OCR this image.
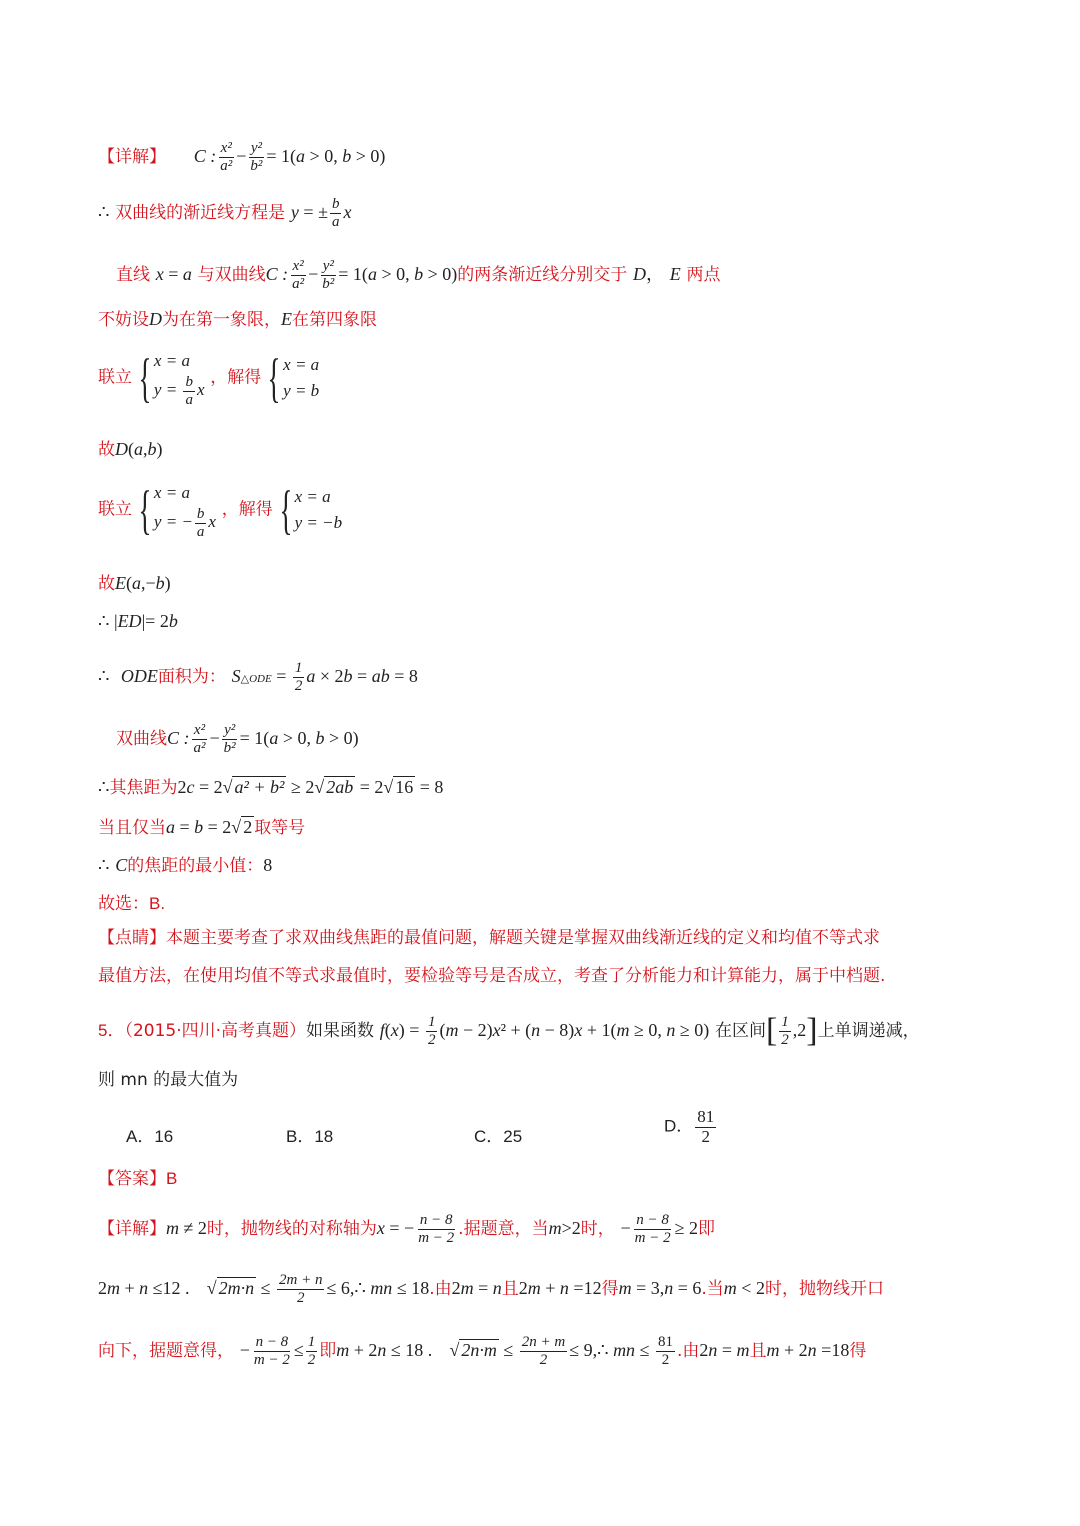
【详解】 C : $\frac{\text{x²}}{\text{a²}} - \frac{\text{y²}}{\text{b²}} = 1(a > 0$, b > 0)
∴ 双曲线的渐近线方程是 y = ± $\frac{b}{a}$ x
直线 x = a 与双曲线C : $\frac{\text{x²}}{\text{a²}} - \frac{\text{y²}}{\text{b²}} = 1(a > 0$, b > 0)的两条渐近线分别交于 D， E 两点
不妨设D为在第一象限，E在第四象限
联立 { x = a
$y = \frac{b}{a}$ x
，解得 { x = a
y = b
故D(a,b)
联立 { x = a
y = − $\frac{b}{a}$ x
，解得 { x = a
y = −b
故E(a,−b)
∴ |ED|= 2b
∴ ODE面积为： S△ODE = $\frac{1}{2}$ a × 2b = ab = 8
双曲线C : $\frac{\text{x²}}{\text{a²}} - \frac{\text{y²}}{\text{b²}} = 1(a > 0$, b > 0)
∴其焦距为2c = 2√ a² + b² ≥ 2√ 2ab = 2√ 16 = 8
当且仅当a = b = 2√ 2 取等号
∴ C的焦距的最小值：8
故选：B.
【点睛】本题主要考查了求双曲线焦距的最值问题，解题关键是掌握双曲线渐近线的定义和均值不等式求
最值方法，在使用均值不等式求最值时，要检验等号是否成立，考查了分析能力和计算能力，属于中档题.
5．（2015·四川·高考真题）如果函数 $f(x) = \frac{1}{2} (m - 2)x^2 + (n - 8)x + 1(m \ge 0$, n ≥ 0) 在区间[ $\frac{1}{2} ,2$]上单调递减，
则 mn 的最大值为
A．16	B．18	C．25
D． $\frac{81}{2}$
【答案】B
【详解】m ≠ 2时，抛物线的对称轴为x = − $\frac{n - 8}{m - 2}$ .据题意，当m>2时， − $\frac{n - 8}{m - 2} \ge 2$即
2m + n ≤12 . √ $2m\cdot n \le \frac{2m + n}{2}$ ≤ 6,∴ mn ≤ 18.由2m = n且2m + n =12得m = 3,n = 6.当m < 2时，抛物线开口
向下，据题意得， − $\frac{n - 8}{m - 2} \le \frac{1}{2}$ 即m + 2n ≤ 18 . √ $2n\cdot m \le \frac{2n + m}{2}$ ≤ 9,∴ mn ≤ $\frac{81}{2}$ .由2n = m且m + 2n =18得
